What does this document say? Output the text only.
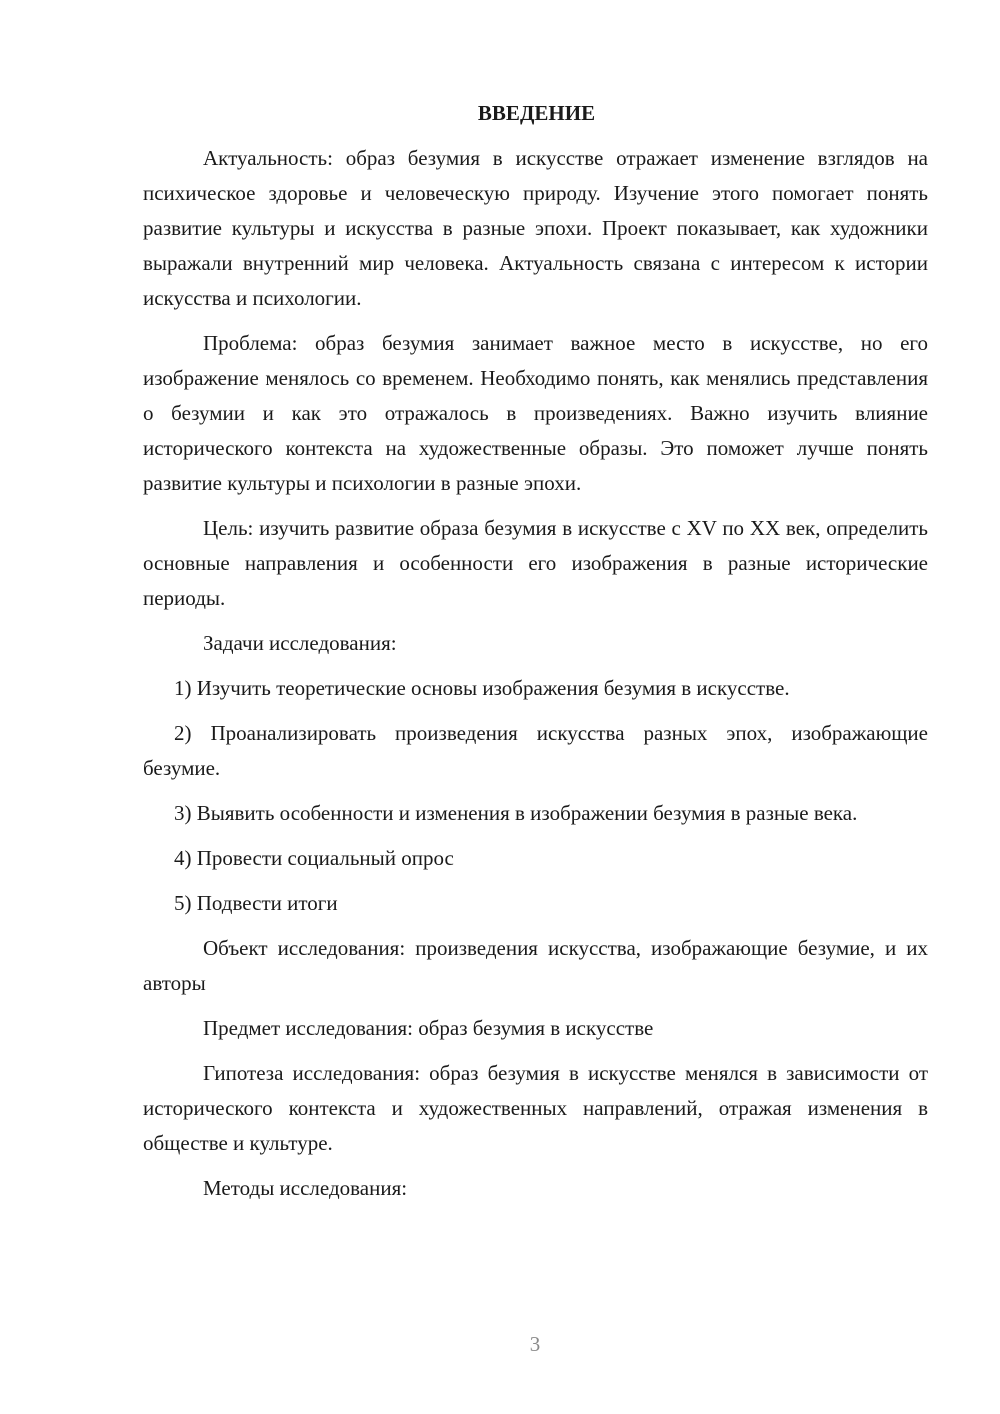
ВВЕДЕНИЕ

Актуальность: образ безумия в искусстве отражает изменение взглядов на психическое здоровье и человеческую природу. Изучение этого помогает понять развитие культуры и искусства в разные эпохи. Проект показывает, как художники выражали внутренний мир человека. Актуальность связана с интересом к истории искусства и психологии.

Проблема: образ безумия занимает важное место в искусстве, но его изображение менялось со временем. Необходимо понять, как менялись представления о безумии и как это отражалось в произведениях. Важно изучить влияние исторического контекста на художественные образы. Это поможет лучше понять развитие культуры и психологии в разные эпохи.

Цель: изучить развитие образа безумия в искусстве с XV по XX век, определить основные направления и особенности его изображения в разные исторические периоды.

Задачи исследования:

1) Изучить теоретические основы изображения безумия в искусстве.

2) Проанализировать произведения искусства разных эпох, изображающие безумие.

3) Выявить особенности и изменения в изображении безумия в разные века.

4) Провести социальный опрос

5) Подвести итоги

Объект исследования: произведения искусства, изображающие безумие, и их авторы

Предмет исследования: образ безумия в искусстве

Гипотеза исследования: образ безумия в искусстве менялся в зависимости от исторического контекста и художественных направлений, отражая изменения в обществе и культуре.

Методы исследования:

3
